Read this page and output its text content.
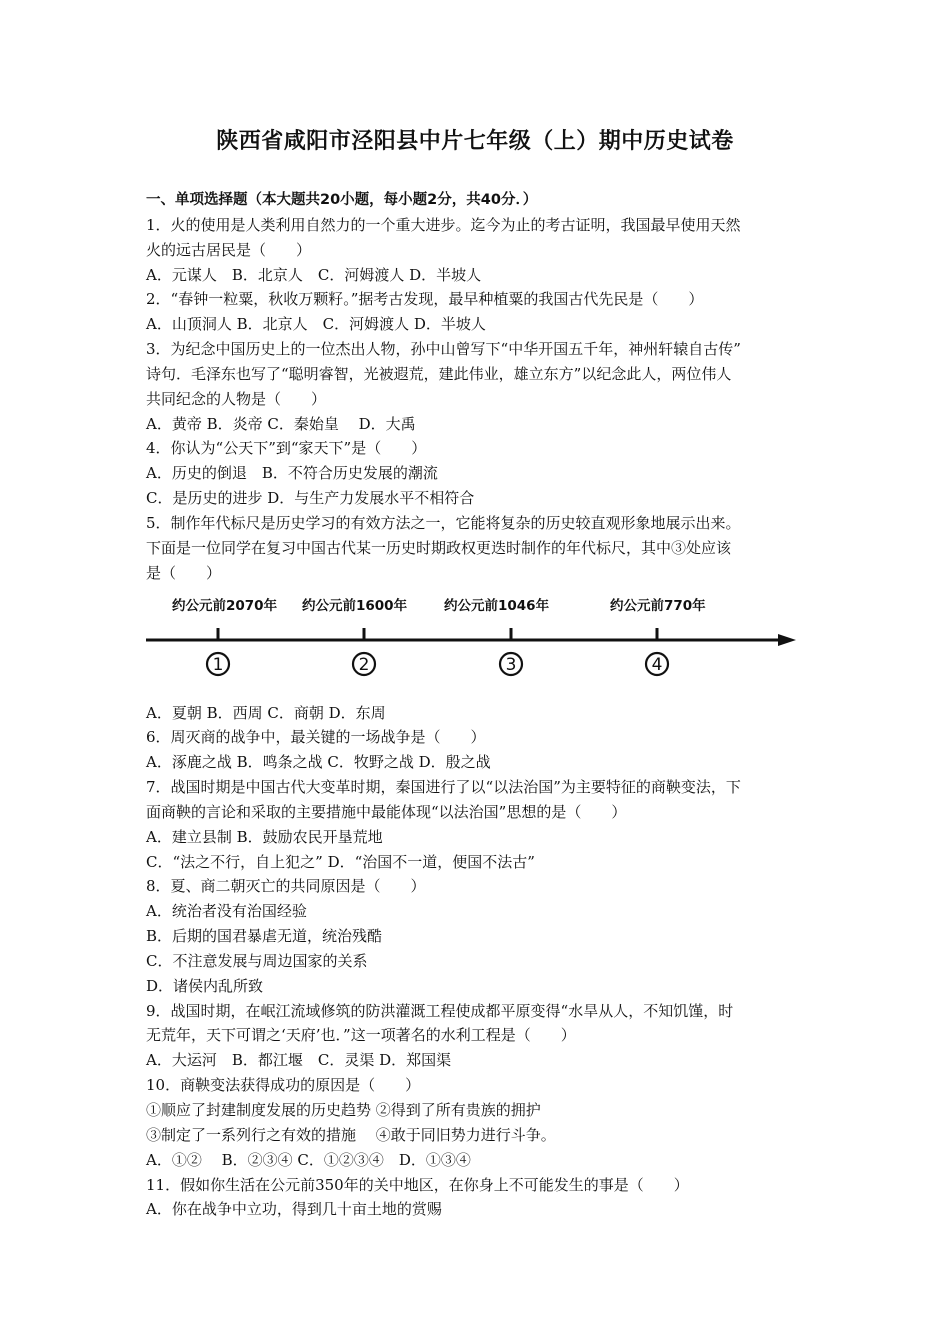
陕西省咸阳市泾阳县中片七年级（上）期中历史试卷
一、单项选择题（本大题共20小题，每小题2分，共40分．）
1．火的使用是人类利用自然力的一个重大进步。迄今为止的考古证明，我国最早使用天然
火的远古居民是（　　）
A．元谋人　B．北京人　C．河姆渡人 D．半坡人
2．“春钟一粒粟，秋收万颗籽。”据考古发现，最早种植粟的我国古代先民是（　　）
A．山顶洞人 B．北京人　C．河姆渡人 D．半坡人
3．为纪念中国历史上的一位杰出人物，孙中山曾写下“中华开国五千年，神州轩辕自古传”
诗句．毛泽东也写了“聪明睿智，光被遐荒，建此伟业，雄立东方”以纪念此人，两位伟人
共同纪念的人物是（　　）
A．黄帝 B．炎帝 C．秦始皇　 D．大禹
4．你认为“公天下”到“家天下”是（　　）
A．历史的倒退　B．不符合历史发展的潮流
C．是历史的进步 D．与生产力发展水平不相符合
5．制作年代标尺是历史学习的有效方法之一，它能将复杂的历史较直观形象地展示出来。
下面是一位同学在复习中国古代某一历史时期政权更迭时制作的年代标尺，其中③处应该
是（　　）
约公元前2070年 约公元前1600年	约公元前1046年	约公元前770年
1	2	3	4
A．夏朝 B．西周 C．商朝 D．东周
6．周灭商的战争中，最关键的一场战争是（　　）
A．涿鹿之战 B．鸣条之战 C．牧野之战 D．殷之战
7．战国时期是中国古代大变革时期，秦国进行了以“以法治国”为主要特征的商鞅变法，下
面商鞅的言论和采取的主要措施中最能体现“以法治国”思想的是（　　）
A．建立县制 B．鼓励农民开垦荒地
C．“法之不行，自上犯之” D．“治国不一道，便国不法古”
8．夏、商二朝灭亡的共同原因是（　　）
A．统治者没有治国经验
B．后期的国君暴虐无道，统治残酷
C．不注意发展与周边国家的关系
D．诸侯内乱所致
9．战国时期，在岷江流域修筑的防洪灌溉工程使成都平原变得“水旱从人，不知饥馑，时
无荒年，天下可谓之‘天府’也．”这一项著名的水利工程是（　　）
A．大运河　B．都江堰　C．灵渠 D．郑国渠
10．商鞅变法获得成功的原因是（　　）
①顺应了封建制度发展的历史趋势 ②得到了所有贵族的拥护
③制定了一系列行之有效的措施　 ④敢于同旧势力进行斗争。
A．①②　 B．②③④ C．①②③④　D．①③④
11．假如你生活在公元前350年的关中地区，在你身上不可能发生的事是（　　）
A．你在战争中立功，得到几十亩土地的赏赐
